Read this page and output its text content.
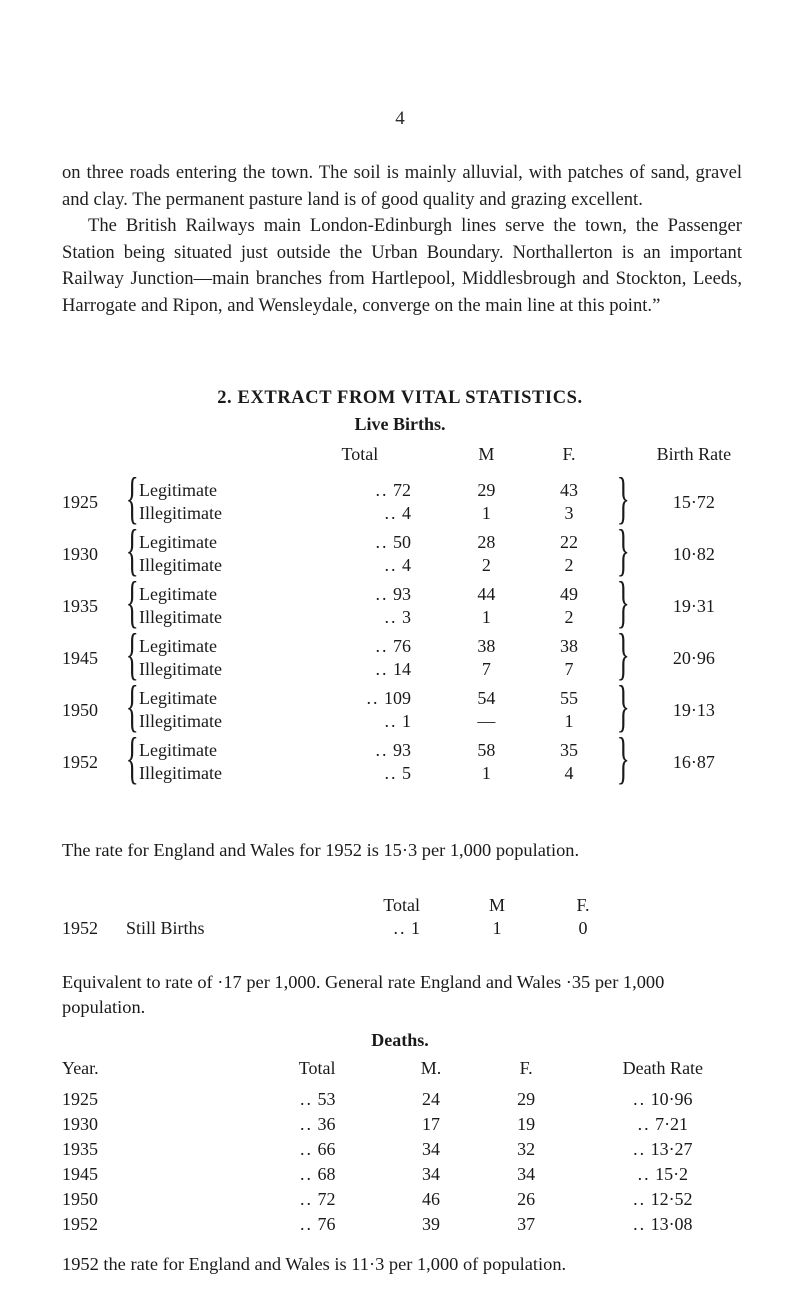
4

on three roads entering the town. The soil is mainly alluvial, with patches of sand, gravel and clay. The permanent pasture land is of good quality and grazing excellent.

The British Railways main London-Edinburgh lines serve the town, the Passenger Station being situated just outside the Urban Boundary. Northallerton is an important Railway Junction—main branches from Hartlepool, Middlesbrough and Stockton, Leeds, Harrogate and Ripon, and Wensleydale, converge on the main line at this point.”

2. EXTRACT FROM VITAL STATISTICS.
Live Births.
			Total	M	F.		Birth Rate
1925	{	Legitimate	.. 72	29	43	}	15·72
		Illegitimate	.. 4	1	3		
1930	{	Legitimate	.. 50	28	22	}	10·82
		Illegitimate	.. 4	2	2		
1935	{	Legitimate	.. 93	44	49	}	19·31
		Illegitimate	.. 3	1	2		
1945	{	Legitimate	.. 76	38	38	}	20·96
		Illegitimate	.. 14	7	7		
1950	{	Legitimate	.. 109	54	55	}	19·13
		Illegitimate	.. 1	—	1		
1952	{	Legitimate	.. 93	58	35	}	16·87
		Illegitimate	.. 5	1	4		
The rate for England and Wales for 1952 is 15·3 per 1,000 population.
		Total	M	F.
1952	Still Births	.. 1	1	0
Equivalent to rate of ·17 per 1,000. General rate England and Wales ·35 per 1,000 population.
Deaths.
Year.	Total	M.	F.	Death Rate
1925	.. 53	24	29	.. 10·96
1930	.. 36	17	19	.. 7·21
1935	.. 66	34	32	.. 13·27
1945	.. 68	34	34	.. 15·2
1950	.. 72	46	26	.. 12·52
1952	.. 76	39	37	.. 13·08
1952 the rate for England and Wales is 11·3 per 1,000 of population.
